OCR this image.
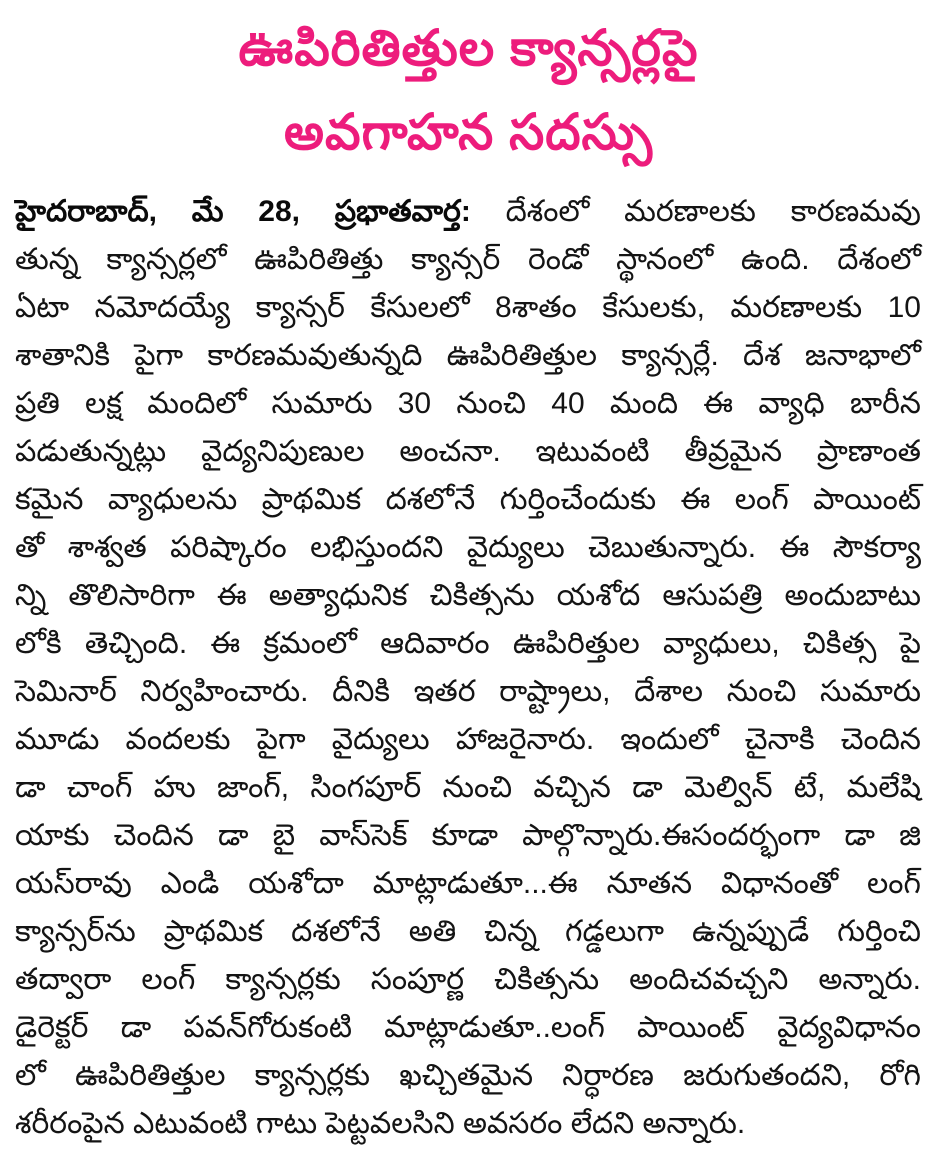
ఊపిరితిత్తుల క్యాన్సర్లపై
అవగాహన సదస్సు
హైదరాబాద్, మే 28, ప్రభాతవార్త: దేశంలో మరణాలకు కారణమవు
తున్న క్యాన్సర్లలో ఊపిరితిత్తు క్యాన్సర్ రెండో స్థానంలో ఉంది. దేశంలో
ఏటా నమోదయ్యే క్యాన్సర్ కేసులలో 8శాతం కేసులకు, మరణాలకు 10
శాతానికి పైగా కారణమవుతున్నది ఊపిరితిత్తుల క్యాన్సర్లే. దేశ జనాభాలో
ప్రతి లక్ష మందిలో సుమారు 30 నుంచి 40 మంది ఈ వ్యాధి బారీన
పడుతున్నట్లు వైద్యనిపుణుల అంచనా. ఇటువంటి తీవ్రమైన ప్రాణాంత
కమైన వ్యాధులను ప్రాథమిక దశలోనే గుర్తించేందుకు ఈ లంగ్ పాయింట్
తో శాశ్వత పరిష్కారం లభిస్తుందని వైద్యులు చెబుతున్నారు. ఈ సౌకర్యా
న్ని తొలిసారిగా ఈ అత్యాధునిక చికిత్సను యశోద ఆసుపత్రి అందుబాటు
లోకి తెచ్చింది. ఈ క్రమంలో ఆదివారం ఊపిరిత్తుల వ్యాధులు, చికిత్స పై
సెమినార్ నిర్వహించారు. దీనికి ఇతర రాష్ట్రాలు, దేశాల నుంచి సుమారు
మూడు వందలకు పైగా వైద్యులు హాజరైనారు. ఇందులో చైనాకి చెందిన
డా చాంగ్ హు జాంగ్, సింగపూర్ నుంచి వచ్చిన డా మెల్విన్ టే, మలేషి
యాకు చెందిన డా బై వాస్‌సెక్ కూడా పాల్గొన్నారు.ఈసందర్భంగా డా జి
యస్‌రావు ఎండి యశోదా మాట్లాడుతూ...ఈ నూతన విధానంతో లంగ్
క్యాన్సర్‌ను ప్రాథమిక దశలోనే అతి చిన్న గడ్డలుగా ఉన్నప్పుడే గుర్తించి
తద్వారా లంగ్ క్యాన్సర్లకు సంపూర్ణ చికిత్సను అందిచవచ్చని అన్నారు.
డైరెక్టర్ డా పవన్‌గోరుకంటి మాట్లాడుతూ..లంగ్ పాయింట్ వైద్యవిధానం
లో ఊపిరితిత్తుల క్యాన్సర్లకు ఖచ్చితమైన నిర్ధారణ జరుగుతందని, రోగి
శరీరంపైన ఎటువంటి గాటు పెట్టవలసిని అవసరం లేదని అన్నారు.
